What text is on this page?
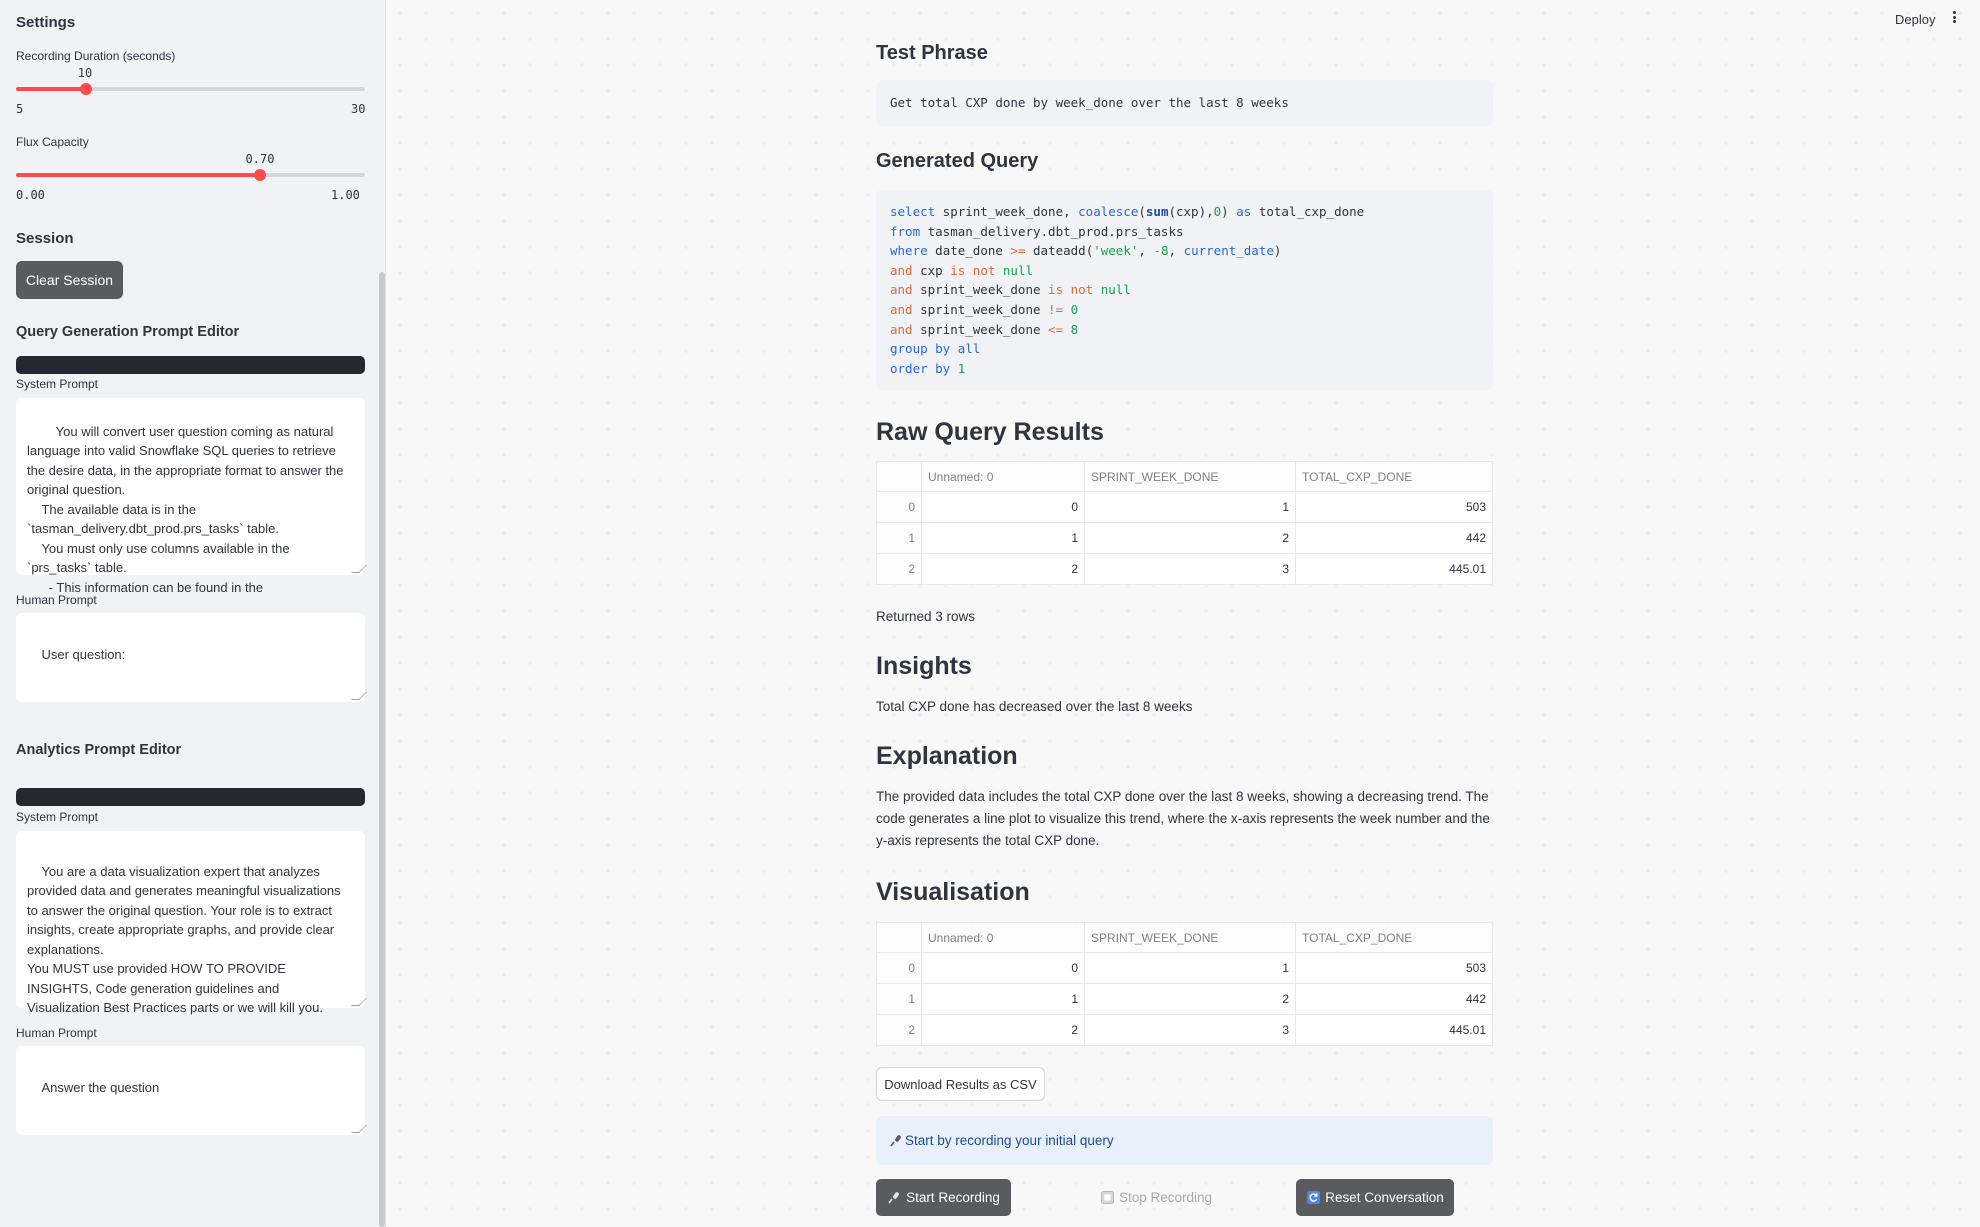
Settings
Recording Duration (seconds)
10
5	30
Flux Capacity
0.70
0.00	1.00
Session
Clear Session
Query Generation Prompt Editor
System Prompt

You will convert user question coming as natural language into valid Snowflake SQL queries to retrieve the desire data, in the appropriate format to answer the original question.
The available data is in the `tasman_delivery.dbt_prod.prs_tasks` table.
You must only use columns available in the `prs_tasks` table.
- This information can be found in the

Human Prompt

User question:

Analytics Prompt Editor
System Prompt

You are a data visualization expert that analyzes provided data and generates meaningful visualizations to answer the original question. Your role is to extract insights, create appropriate graphs, and provide clear explanations.
You MUST use provided HOW TO PROVIDE INSIGHTS, Code generation guidelines and Visualization Best Practices parts or we will kill you.

Human Prompt

Answer the question

Deploy
Test Phrase
Get total CXP done by week_done over the last 8 weeks
Generated Query
select sprint_week_done, coalesce(sum(cxp),0) as total_cxp_done
from tasman_delivery.dbt_prod.prs_tasks
where date_done >= dateadd('week', -8, current_date)
and cxp is not null
and sprint_week_done is not null
and sprint_week_done != 0
and sprint_week_done <= 8
group by all
order by 1
Raw Query Results
	Unnamed: 0	SPRINT_WEEK_DONE	TOTAL_CXP_DONE
0	0	1	503
1	1	2	442
2	2	3	445.01
Returned 3 rows
Insights
Total CXP done has decreased over the last 8 weeks
Explanation
The provided data includes the total CXP done over the last 8 weeks, showing a decreasing trend. The code generates a line plot to visualize this trend, where the x-axis represents the week number and the y-axis represents the total CXP done.
Visualisation
	Unnamed: 0	SPRINT_WEEK_DONE	TOTAL_CXP_DONE
0	0	1	503
1	1	2	442
2	2	3	445.01
Download Results as CSV
Start by recording your initial query
Start Recording	Stop Recording	Reset Conversation
